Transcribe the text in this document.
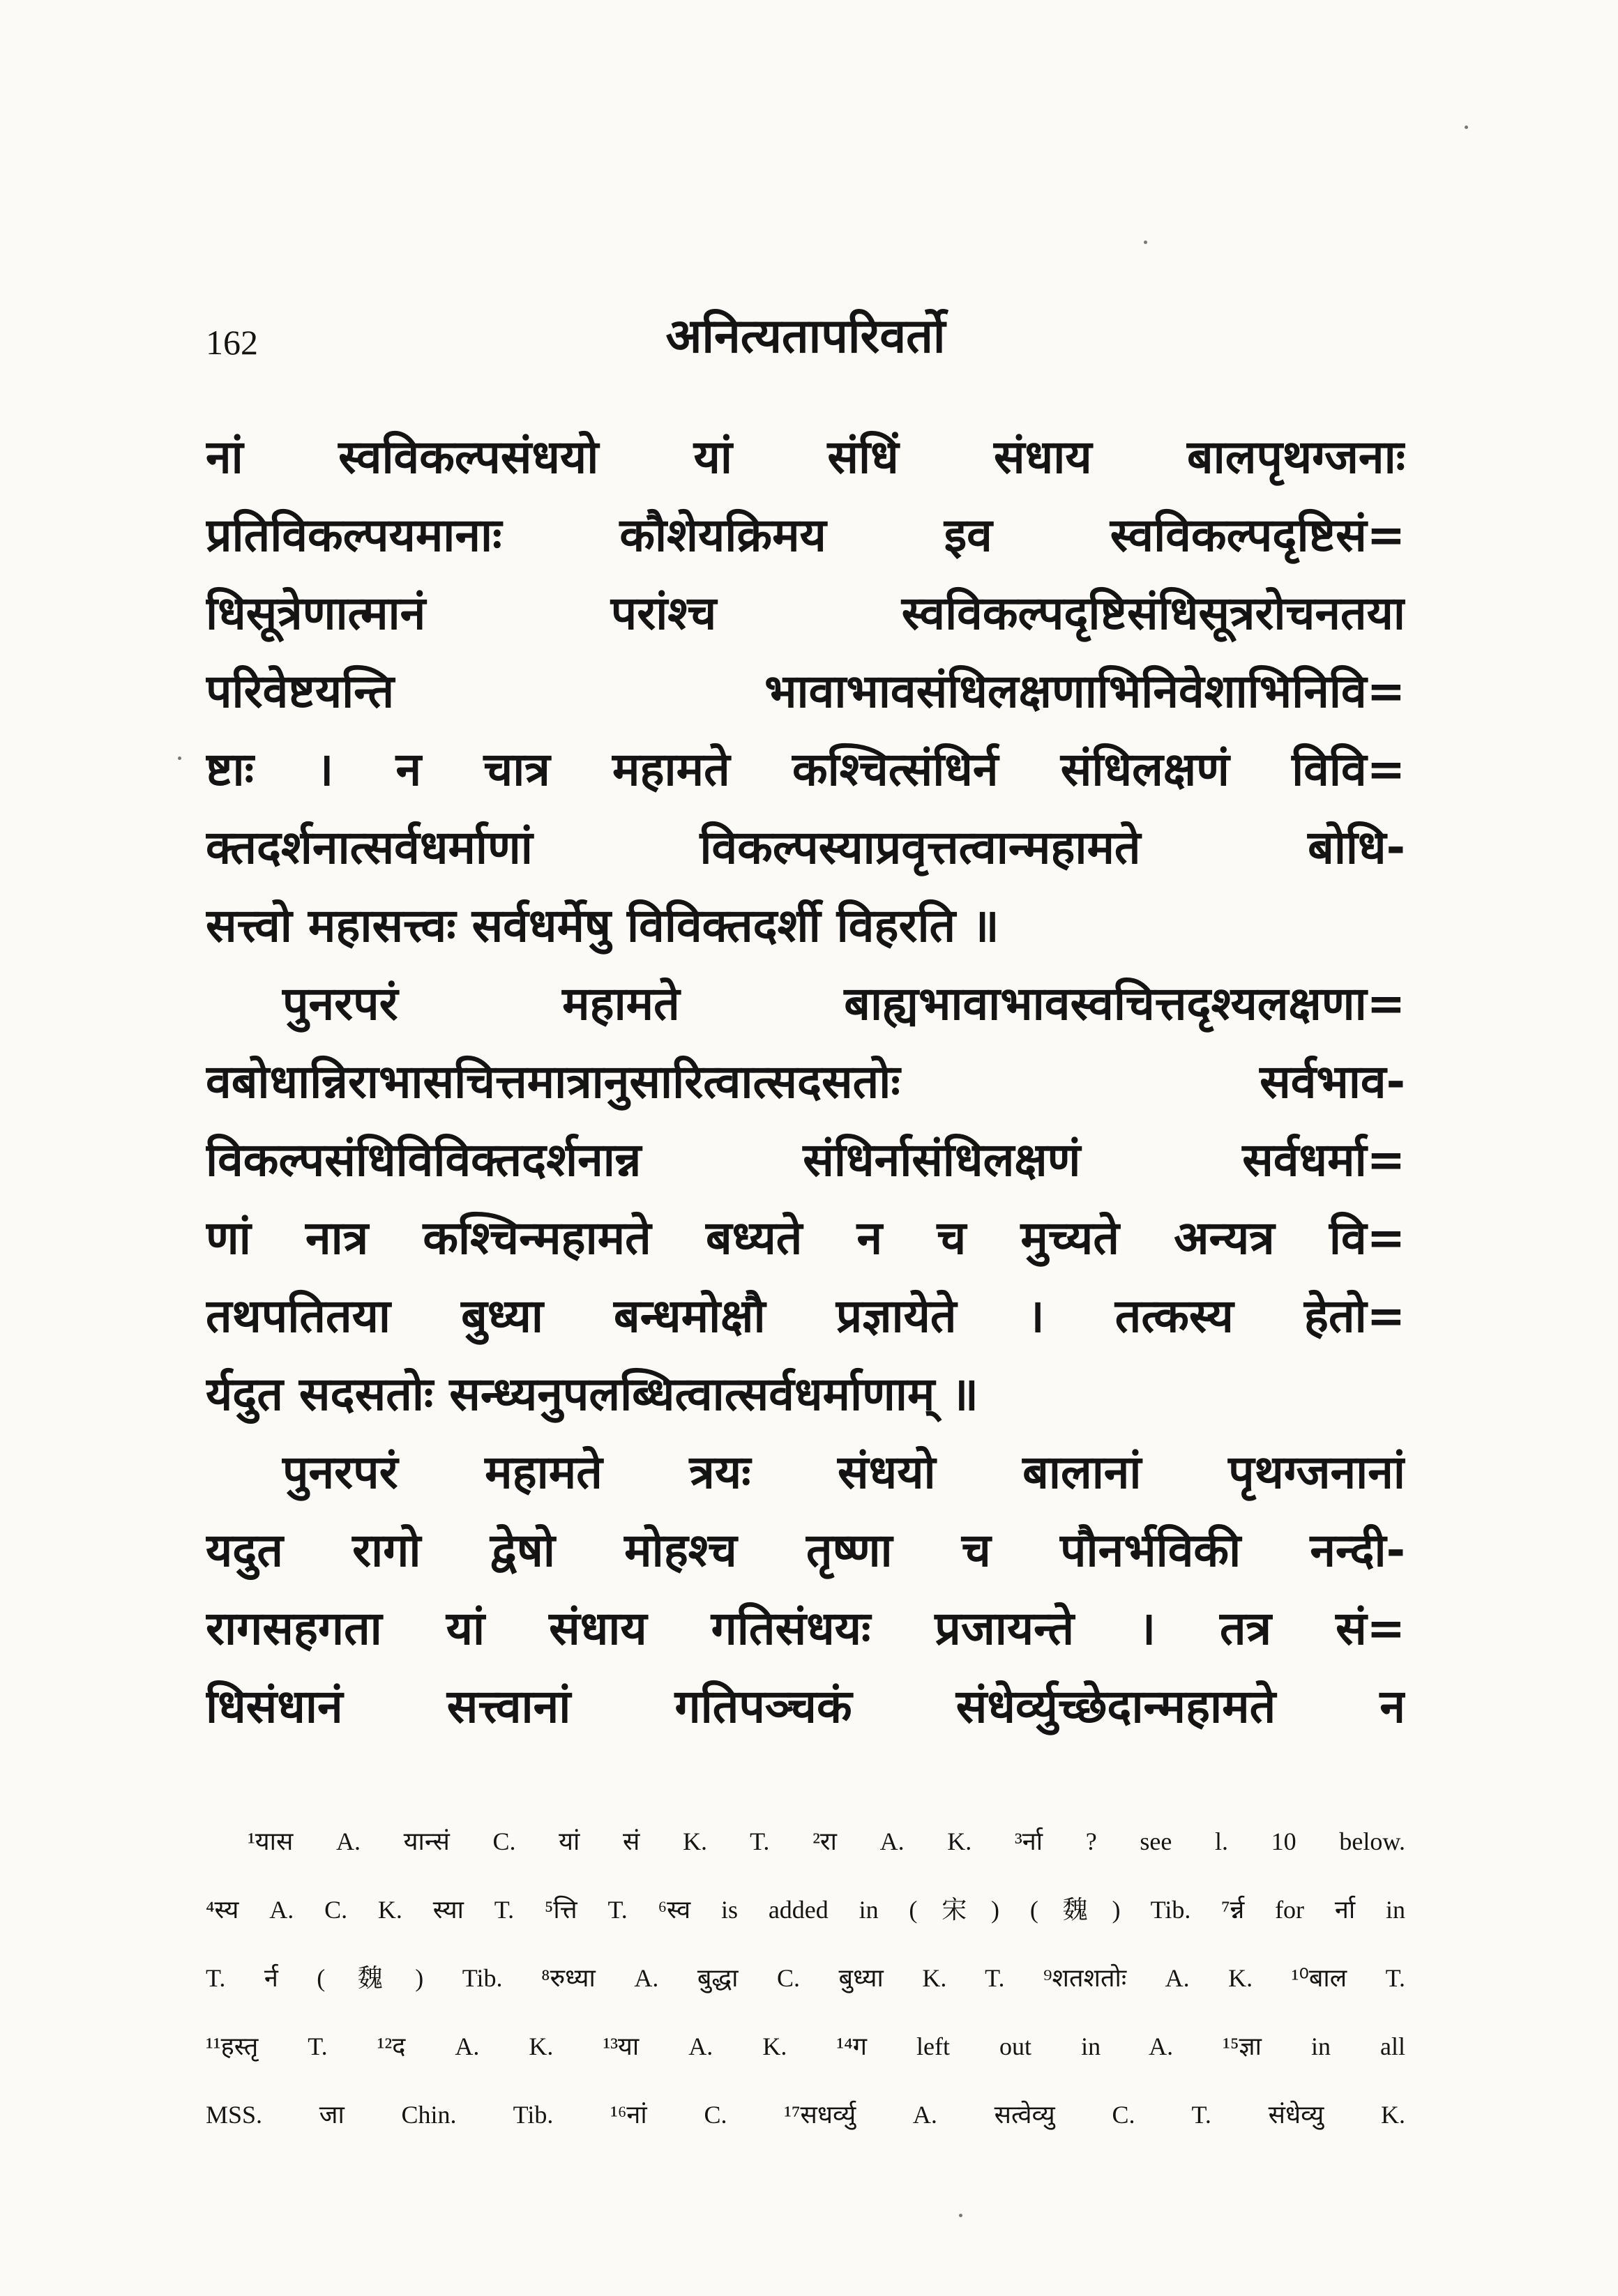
162	अनित्यतापरिवर्तो
नां स्वविकल्पसंधयो यां संधिं संधाय बालपृथग्जनाः
प्रतिविकल्पयमानाः कौशेयक्रिमय इव स्वविकल्पदृष्टिसं=
धिसूत्रेणात्मानं परांश्च स्वविकल्पदृष्टिसंधिसूत्ररोचनतया
परिवेष्टयन्ति भावाभावसंधिलक्षणाभिनिवेशाभिनिवि=
ष्टाः । न चात्र महामते कश्चित्संधिर्न संधिलक्षणं विवि=
क्तदर्शनात्सर्वधर्माणां विकल्पस्याप्रवृत्तत्वान्महामते बोधि-
सत्त्वो महासत्त्वः सर्वधर्मेषु विविक्तदर्शी विहरति ॥
पुनरपरं महामते बाह्यभावाभावस्वचित्तदृश्यलक्षणा=
वबोधान्निराभासचित्तमात्रानुसारित्वात्सदसतोः सर्वभाव-
विकल्पसंधिविविक्तदर्शनान्न संधिर्नासंधिलक्षणं सर्वधर्मा=
णां नात्र कश्चिन्महामते बध्यते न च मुच्यते अन्यत्र वि=
तथपतितया बुध्या बन्धमोक्षौ प्रज्ञायेते । तत्कस्य हेतो=
र्यदुत सदसतोः सन्ध्यनुपलब्धित्वात्सर्वधर्माणाम् ॥
पुनरपरं महामते त्रयः संधयो बालानां पृथग्जनानां
यदुत रागो द्वेषो मोहश्च तृष्णा च पौनर्भविकी नन्दी-
रागसहगता यां संधाय गतिसंधयः प्रजायन्ते । तत्र सं=
धिसंधानं सत्त्वानां गतिपञ्चकं संधेर्व्युच्छेदान्महामते न
¹यास A. यान्सं C. यां सं K. T. ²रा A. K. ³र्ना ? see l. 10 below.
⁴स्य A. C. K. स्या T. ⁵त्ति T. ⁶स्व is added in (宋) (魏) Tib. ⁷र्न्न for र्ना in
T. र्न (魏) Tib. ⁸रुध्या A. बुद्धा C. बुध्या K. T. ⁹शतशतोः A. K. ¹⁰बाल T.
¹¹हस्तृ T. ¹²द A. K. ¹³या A. K. ¹⁴ग left out in A. ¹⁵ज्ञा in all
MSS. जा Chin. Tib. ¹⁶नां C. ¹⁷सधर्व्यु A. सत्वेव्यु C. T. संधेव्यु K.
